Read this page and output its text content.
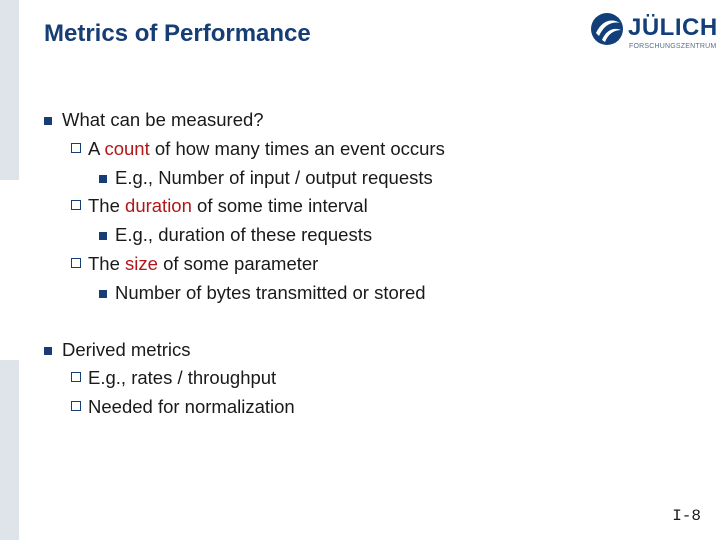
Metrics of Performance	JÜLICH
FORSCHUNGSZENTRUM
What can be measured?
A count of how many times an event occurs
E.g., Number of input / output requests
The duration of some time interval
E.g., duration of these requests
The size of some parameter
Number of bytes transmitted or stored
Derived metrics
E.g., rates / throughput
Needed for normalization
I-8
